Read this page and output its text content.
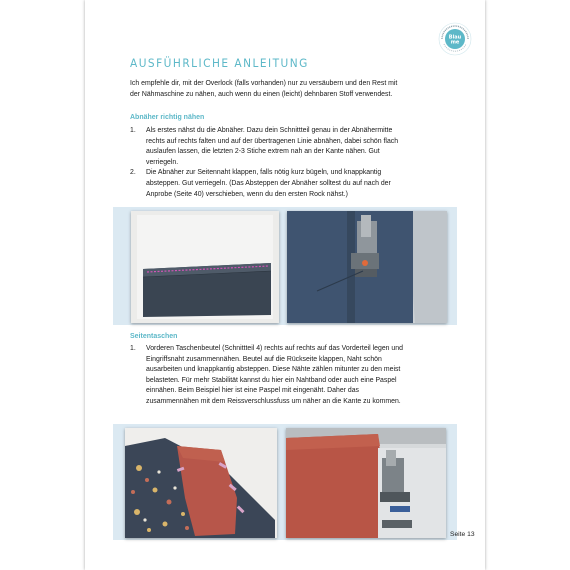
Blau
me
AUSFÜHRLICHE ANLEITUNG
Ich empfehle dir, mit der Overlock (falls vorhanden) nur zu versäubern und den Rest mit
der Nähmaschine zu nähen, auch wenn du einen (leicht) dehnbaren Stoff verwendest.
Abnäher richtig nähen
1. Als erstes nähst du die Abnäher. Dazu dein Schnittteil genau in der Abnähermitte
rechts auf rechts falten und auf der übertragenen Linie abnähen, dabei schön flach
auslaufen lassen, die letzten 2-3 Stiche extrem nah an der Kante nähen. Gut
verriegeln.
2. Die Abnäher zur Seitennaht klappen, falls nötig kurz bügeln, und knappkantig
absteppen. Gut verriegeln. (Das Absteppen der Abnäher solltest du auf nach der
Anprobe (Seite 40) verschieben, wenn du den ersten Rock nähst.)
Seitentaschen
1. Vorderen Taschenbeutel (Schnittteil 4) rechts auf rechts auf das Vorderteil legen und
Eingriffsnaht zusammennähen. Beutel auf die Rückseite klappen, Naht schön
ausarbeiten und knappkantig absteppen. Diese Nähte zählen mitunter zu den meist
belasteten. Für mehr Stabilität kannst du hier ein Nahtband oder auch eine Paspel
einnähen. Beim Beispiel hier ist eine Paspel mit eingenäht. Daher das
zusammennähen mit dem Reissverschlussfuss um näher an die Kante zu kommen.
Seite 13
